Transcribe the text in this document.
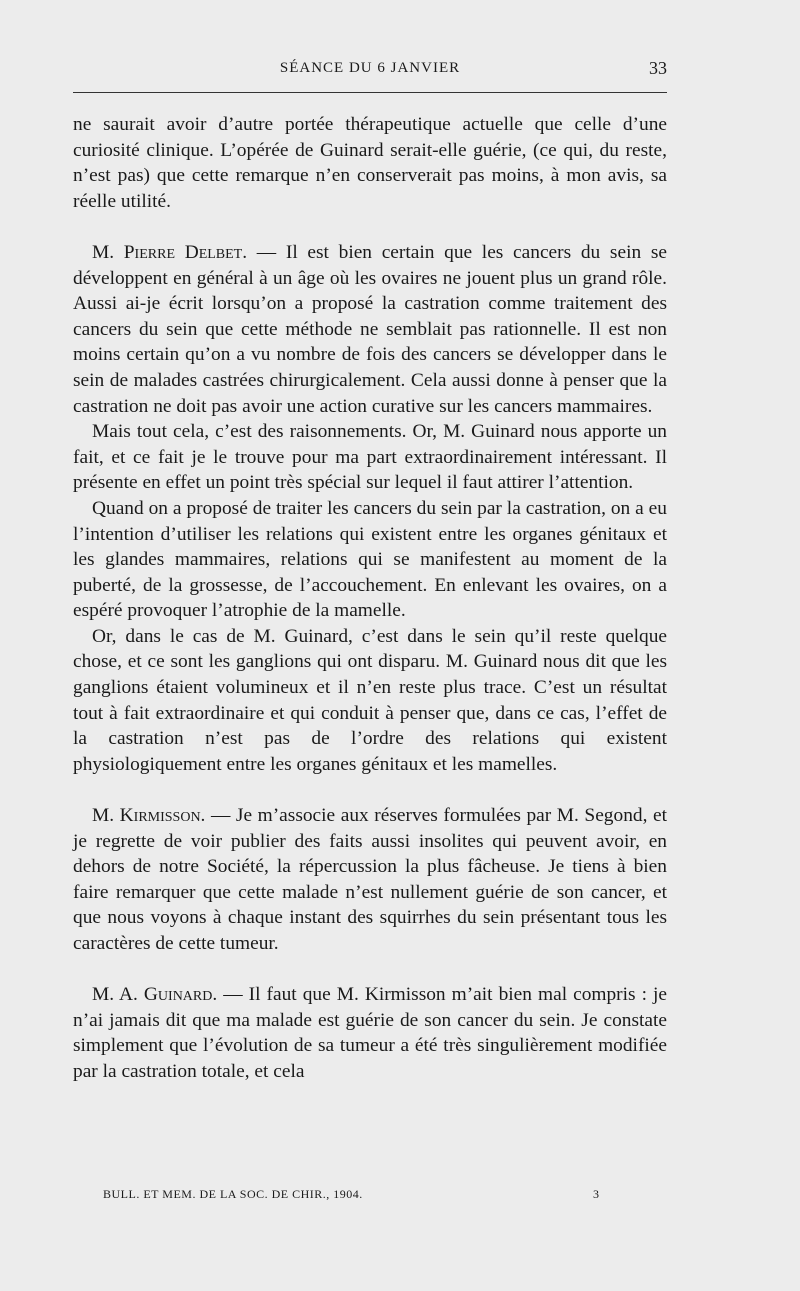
SÉANCE DU 6 JANVIER	33

ne saurait avoir d’autre portée thérapeutique actuelle que celle d’une curiosité clinique. L’opérée de Guinard serait-elle guérie, (ce qui, du reste, n’est pas) que cette remarque n’en conserverait pas moins, à mon avis, sa réelle utilité.

M. Pierre Delbet. — Il est bien certain que les cancers du sein se développent en général à un âge où les ovaires ne jouent plus un grand rôle. Aussi ai-je écrit lorsqu’on a proposé la castration comme traitement des cancers du sein que cette méthode ne semblait pas rationnelle. Il est non moins certain qu’on a vu nombre de fois des cancers se développer dans le sein de malades castrées chirurgicalement. Cela aussi donne à penser que la castration ne doit pas avoir une action curative sur les cancers mammaires.

Mais tout cela, c’est des raisonnements. Or, M. Guinard nous apporte un fait, et ce fait je le trouve pour ma part extraordinairement intéressant. Il présente en effet un point très spécial sur lequel il faut attirer l’attention.

Quand on a proposé de traiter les cancers du sein par la castration, on a eu l’intention d’utiliser les relations qui existent entre les organes génitaux et les glandes mammaires, relations qui se manifestent au moment de la puberté, de la grossesse, de l’accouchement. En enlevant les ovaires, on a espéré provoquer l’atrophie de la mamelle.

Or, dans le cas de M. Guinard, c’est dans le sein qu’il reste quelque chose, et ce sont les ganglions qui ont disparu. M. Guinard nous dit que les ganglions étaient volumineux et il n’en reste plus trace. C’est un résultat tout à fait extraordinaire et qui conduit à penser que, dans ce cas, l’effet de la castration n’est pas de l’ordre des relations qui existent physiologiquement entre les organes génitaux et les mamelles.

M. Kirmisson. — Je m’associe aux réserves formulées par M. Segond, et je regrette de voir publier des faits aussi insolites qui peuvent avoir, en dehors de notre Société, la répercussion la plus fâcheuse. Je tiens à bien faire remarquer que cette malade n’est nullement guérie de son cancer, et que nous voyons à chaque instant des squirrhes du sein présentant tous les caractères de cette tumeur.

M. A. Guinard. — Il faut que M. Kirmisson m’ait bien mal compris : je n’ai jamais dit que ma malade est guérie de son cancer du sein. Je constate simplement que l’évolution de sa tumeur a été très singulièrement modifiée par la castration totale, et cela

BULL. ET MEM. DE LA SOC. DE CHIR., 1904.	3
